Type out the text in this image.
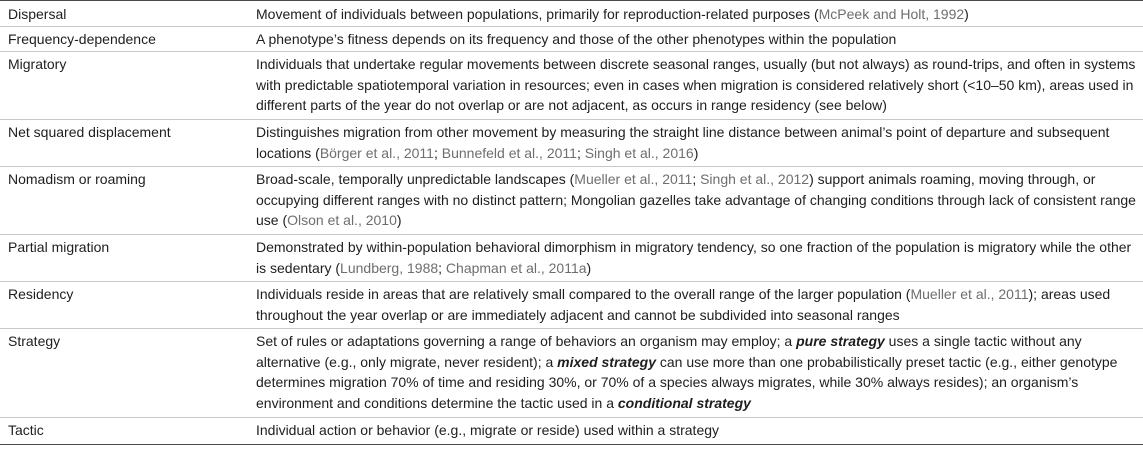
Dispersal	Movement of individuals between populations, primarily for reproduction-related purposes (McPeek and Holt, 1992)
Frequency-dependence	A phenotype’s fitness depends on its frequency and those of the other phenotypes within the population
Migratory	Individuals that undertake regular movements between discrete seasonal ranges, usually (but not always) as round-trips, and often in systems with predictable spatiotemporal variation in resources; even in cases when migration is considered relatively short (<10–50 km), areas used in different parts of the year do not overlap or are not adjacent, as occurs in range residency (see below)
Net squared displacement	Distinguishes migration from other movement by measuring the straight line distance between animal’s point of departure and subsequent locations (Börger et al., 2011; Bunnefeld et al., 2011; Singh et al., 2016)
Nomadism or roaming	Broad-scale, temporally unpredictable landscapes (Mueller et al., 2011; Singh et al., 2012) support animals roaming, moving through, or occupying different ranges with no distinct pattern; Mongolian gazelles take advantage of changing conditions through lack of consistent range use (Olson et al., 2010)
Partial migration	Demonstrated by within-population behavioral dimorphism in migratory tendency, so one fraction of the population is migratory while the other is sedentary (Lundberg, 1988; Chapman et al., 2011a)
Residency	Individuals reside in areas that are relatively small compared to the overall range of the larger population (Mueller et al., 2011); areas used throughout the year overlap or are immediately adjacent and cannot be subdivided into seasonal ranges
Strategy	Set of rules or adaptations governing a range of behaviors an organism may employ; a pure strategy uses a single tactic without any alternative (e.g., only migrate, never resident); a mixed strategy can use more than one probabilistically preset tactic (e.g., either genotype determines migration 70% of time and residing 30%, or 70% of a species always migrates, while 30% always resides); an organism’s environment and conditions determine the tactic used in a conditional strategy
Tactic	Individual action or behavior (e.g., migrate or reside) used within a strategy
